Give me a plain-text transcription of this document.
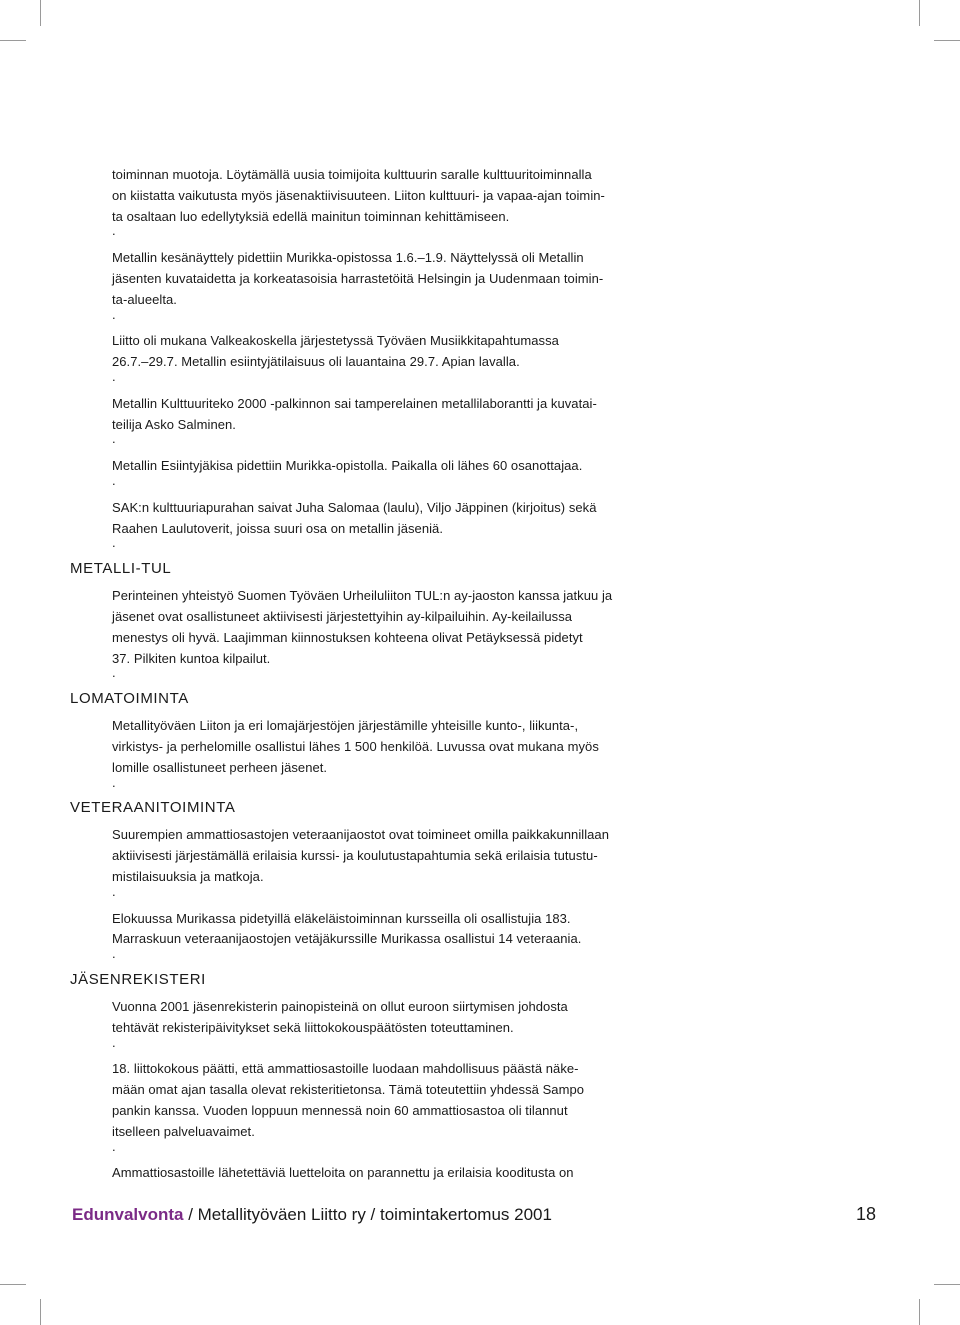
toiminnan muotoja. Löytämällä uusia toimijoita kulttuurin saralle kulttuuritoiminnalla
on kiistatta vaikutusta myös jäsenaktiivisuuteen. Liiton kulttuuri- ja vapaa-ajan toimin-
ta osaltaan luo edellytyksiä edellä mainitun toiminnan kehittämiseen.
.
Metallin kesänäyttely pidettiin Murikka-opistossa 1.6.–1.9. Näyttelyssä oli Metallin
jäsenten kuvataidetta ja korkeatasoisia harrastetöitä Helsingin ja Uudenmaan toimin-
ta-alueelta.
.
Liitto oli mukana Valkeakoskella järjestetyssä Työväen Musiikkitapahtumassa
26.7.–29.7. Metallin esiintyjätilaisuus oli lauantaina 29.7. Apian lavalla.
.
Metallin Kulttuuriteko 2000 -palkinnon sai tamperelainen metallilaborantti ja kuvatai-
teilija Asko Salminen.
.
Metallin Esiintyjäkisa pidettiin Murikka-opistolla. Paikalla oli lähes 60 osanottajaa.
.
SAK:n kulttuuriapurahan saivat Juha Salomaa (laulu), Viljo Jäppinen (kirjoitus) sekä
Raahen Laulutoverit, joissa suuri osa on metallin jäseniä.
.
METALLI-TUL
Perinteinen yhteistyö Suomen Työväen Urheiluliiton TUL:n ay-jaoston kanssa jatkuu ja
jäsenet ovat osallistuneet aktiivisesti järjestettyihin ay-kilpailuihin. Ay-keilailussa
menestys oli hyvä. Laajimman kiinnostuksen kohteena olivat Petäyksessä pidetyt
37. Pilkiten kuntoa kilpailut.
.
LOMATOIMINTA
Metallityöväen Liiton ja eri lomajärjestöjen järjestämille yhteisille kunto-, liikunta-,
virkistys- ja perhelomille osallistui lähes 1 500 henkilöä. Luvussa ovat mukana myös
lomille osallistuneet perheen jäsenet.
.
VETERAANITOIMINTA
Suurempien ammattiosastojen veteraanijaostot ovat toimineet omilla paikkakunnillaan
aktiivisesti järjestämällä erilaisia kurssi- ja koulutustapahtumia sekä erilaisia tutustu-
mistilaisuuksia ja matkoja.
.
Elokuussa Murikassa pidetyillä eläkeläistoiminnan kursseilla oli osallistujia 183.
Marraskuun veteraanijaostojen vetäjäkurssille Murikassa osallistui 14 veteraania.
.
JÄSENREKISTERI
Vuonna 2001 jäsenrekisterin painopisteinä on ollut euroon siirtymisen johdosta
tehtävät rekisteripäivitykset sekä liittokokouspäätösten toteuttaminen.
.
18. liittokokous päätti, että ammattiosastoille luodaan mahdollisuus päästä näke-
mään omat ajan tasalla olevat rekisteritietonsa. Tämä toteutettiin yhdessä Sampo
pankin kanssa. Vuoden loppuun mennessä noin 60 ammattiosastoa oli tilannut
itselleen palveluavaimet.
.
Ammattiosastoille lähetettäviä luetteloita on parannettu ja erilaisia kooditusta on
Edunvalvonta / Metallityöväen Liitto ry / toimintakertomus 2001	18
